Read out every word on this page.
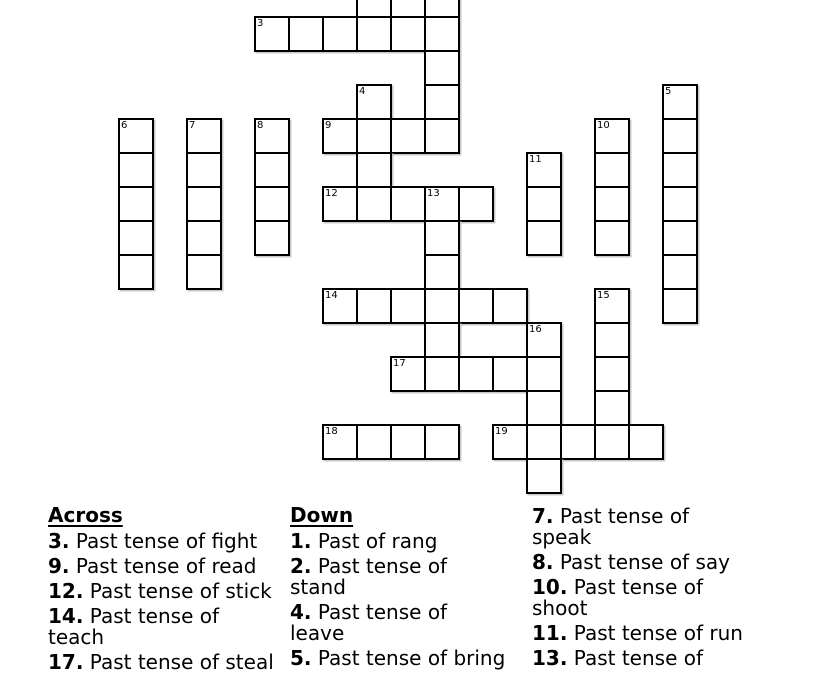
3
4	5
6	7	8	9	10
11
12	13
14	15
16
17
18	19

Across

3. Past tense of fight

9. Past tense of read

12. Past tense of stick

14. Past tense of
teach

17. Past tense of steal

Down

1. Past of rang

2. Past tense of
stand

4. Past tense of
leave

5. Past tense of bring

7. Past tense of
speak

8. Past tense of say

10. Past tense of
shoot

11. Past tense of run

13. Past tense of
